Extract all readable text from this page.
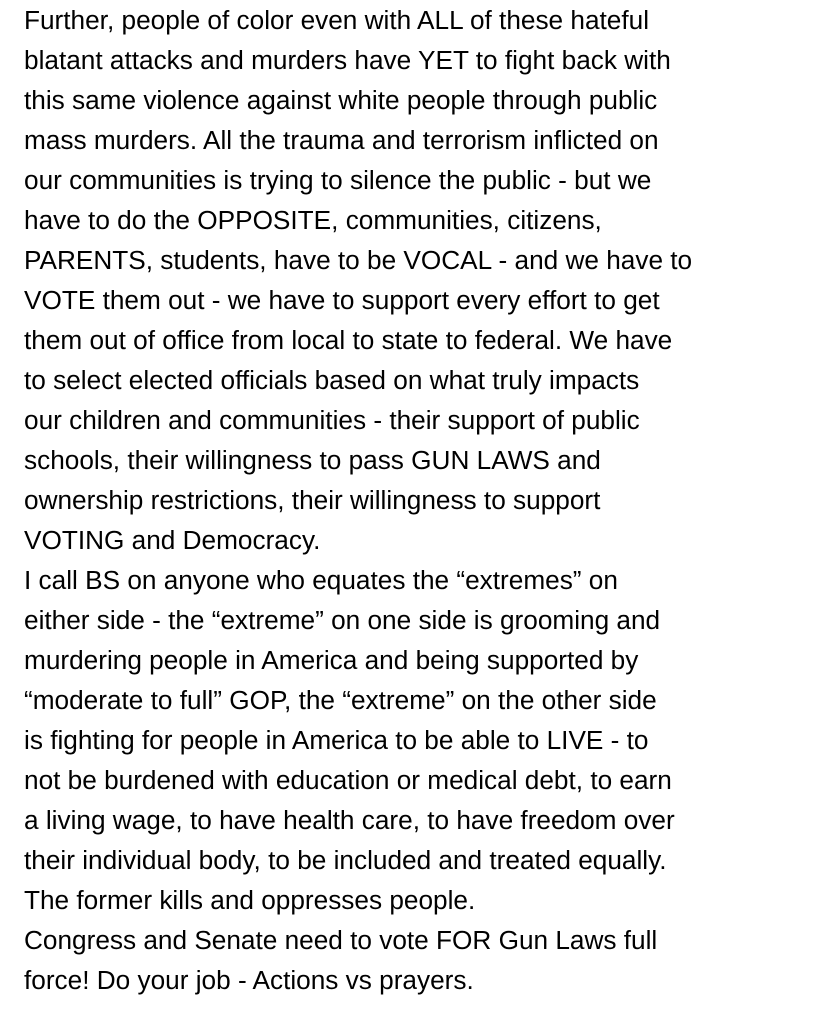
Further, people of color even with ALL of these hateful
blatant attacks and murders have YET to fight back with
this same violence against white people through public
mass murders. All the trauma and terrorism inflicted on
our communities is trying to silence the public - but we
have to do the OPPOSITE, communities, citizens,
PARENTS, students, have to be VOCAL - and we have to
VOTE them out - we have to support every effort to get
them out of office from local to state to federal. We have
to select elected officials based on what truly impacts
our children and communities - their support of public
schools, their willingness to pass GUN LAWS and
ownership restrictions, their willingness to support
VOTING and Democracy.
I call BS on anyone who equates the “extremes” on
either side - the “extreme” on one side is grooming and
murdering people in America and being supported by
“moderate to full” GOP, the “extreme” on the other side
is fighting for people in America to be able to LIVE - to
not be burdened with education or medical debt, to earn
a living wage, to have health care, to have freedom over
their individual body, to be included and treated equally.
The former kills and oppresses people.
Congress and Senate need to vote FOR Gun Laws full
force! Do your job - Actions vs prayers.
